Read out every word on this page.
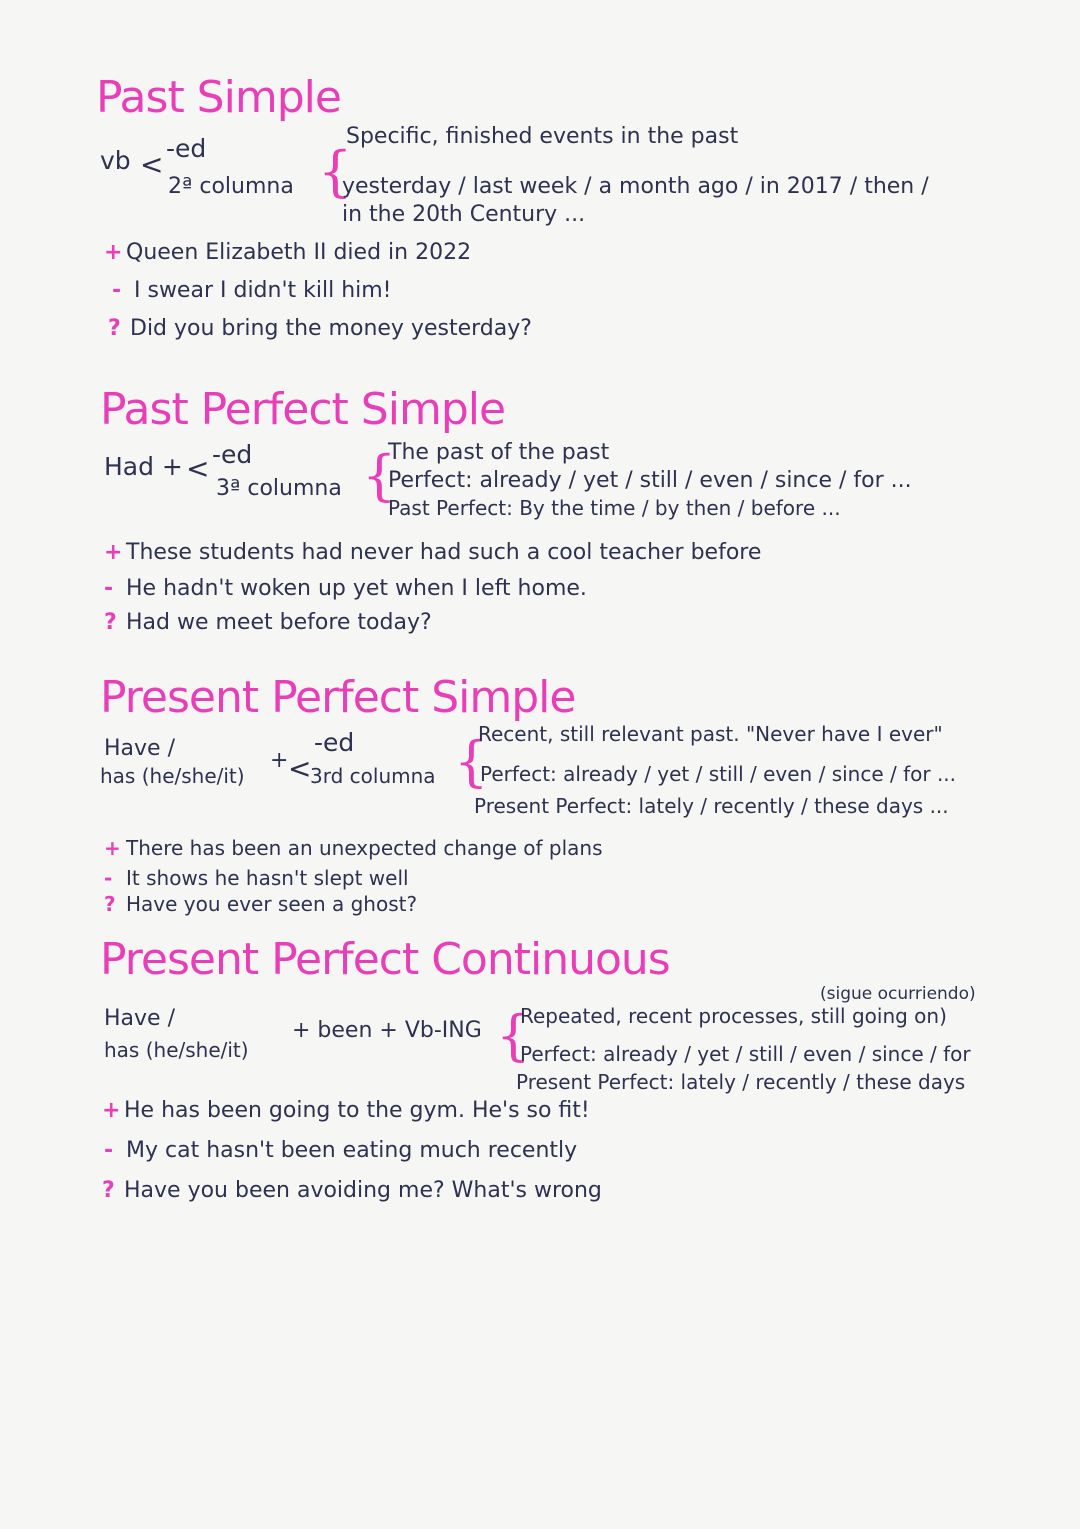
Past Simple
vb < -ed
2ª columna {
Specific, finished events in the past
yesterday / last week / a month ago / in 2017 / then /
in the 20th Century ...
+ Queen Elizabeth II died in 2022
- I swear I didn't kill him!
? Did you bring the money yesterday?
Past Perfect Simple
Had + < -ed
3ª columna {
The past of the past
Perfect: already / yet / still / even / since / for ...
Past Perfect: By the time / by then / before ...
+ These students had never had such a cool teacher before
- He hadn't woken up yet when I left home.
? Had we meet before today?
Present Perfect Simple
Have /
has (he/she/it)
+ <
-ed
3rd columna {
Recent, still relevant past. "Never have I ever"
Perfect: already / yet / still / even / since / for ...
Present Perfect: lately / recently / these days ...
+ There has been an unexpected change of plans
- It shows he hasn't slept well
? Have you ever seen a ghost?
Present Perfect Continuous
Have /
has (he/she/it)
+ been + Vb-ING {
(sigue ocurriendo)
Repeated, recent processes, still going on)
Perfect: already / yet / still / even / since / for
Present Perfect: lately / recently / these days
+ He has been going to the gym. He's so fit!
- My cat hasn't been eating much recently
? Have you been avoiding me? What's wrong
